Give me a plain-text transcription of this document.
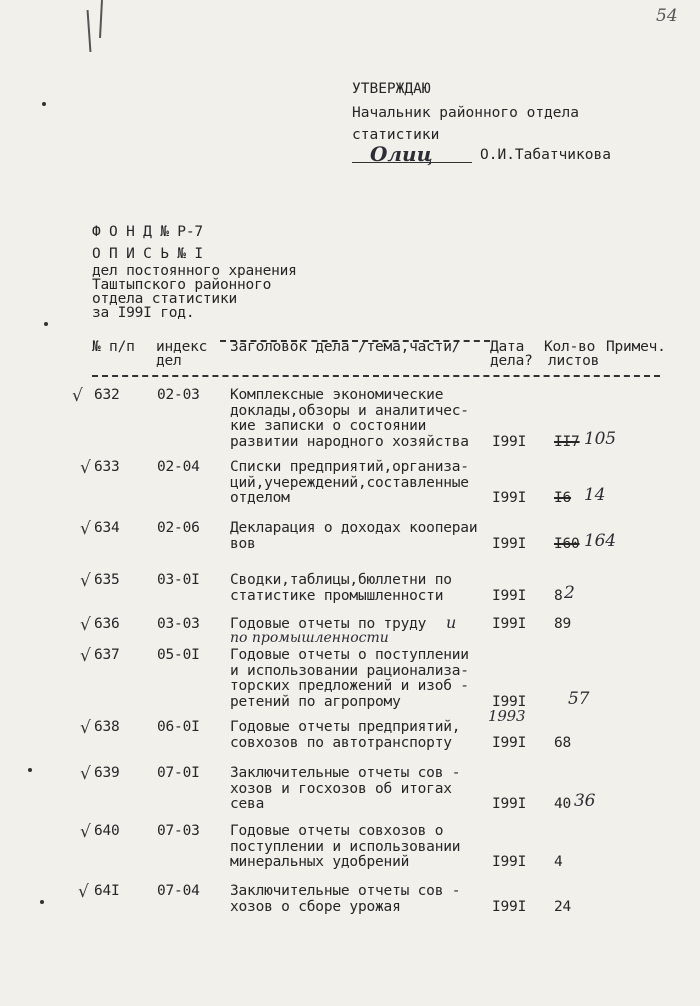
54
УТВЕРЖДАЮ
Начальник районного отдела
статистики
Олиц	О.И.Табатчикова
Ф О Н Д № Р-7
О П И С Ь № I
дел постоянного хранения
Таштыпского районного
отдела статистики
за I99I год.
№ п/п индекс
дел
Заголовок дела /тема,части/ Дата
дела?
Кол-во
листов
Примеч.
√ 632	02-03 Комплексные экономические
доклады,обзоры и аналитичес-
кие записки о состоянии
развитии народного хозяйства I99I II7 105
√ 633	02-04 Списки предприятий,организа-
ций,учереждений,составленные
отделом	I99I I6 14
√ 634	02-06 Декларация о доходах коопераи
вов	I99I I60 164
√ 635	03-0I Сводки,таблицы,бюллетни по
статистике промышленности	I99I 8 2
√ 636	03-03 Годовые отчеты по труду и
по промышленности
I99I 89
√ 637	05-0I Годовые отчеты о поступлении
и использовании рационализа-
торских предложений и изоб -
ретений по агропрому	I99I
1993
57
√ 638	06-0I Годовые отчеты предприятий,
совхозов по автотранспорту	I99I 68
√ 639	07-0I Заключительные отчеты сов -
хозов и госхозов об итогах
сева	I99I 40 36
√ 640	07-03 Годовые отчеты совхозов о
поступлении и использовании
минеральных удобрений	I99I 4
√ 64I	07-04 Заключительные отчеты сов -
хозов о сборе урожая	I99I 24
